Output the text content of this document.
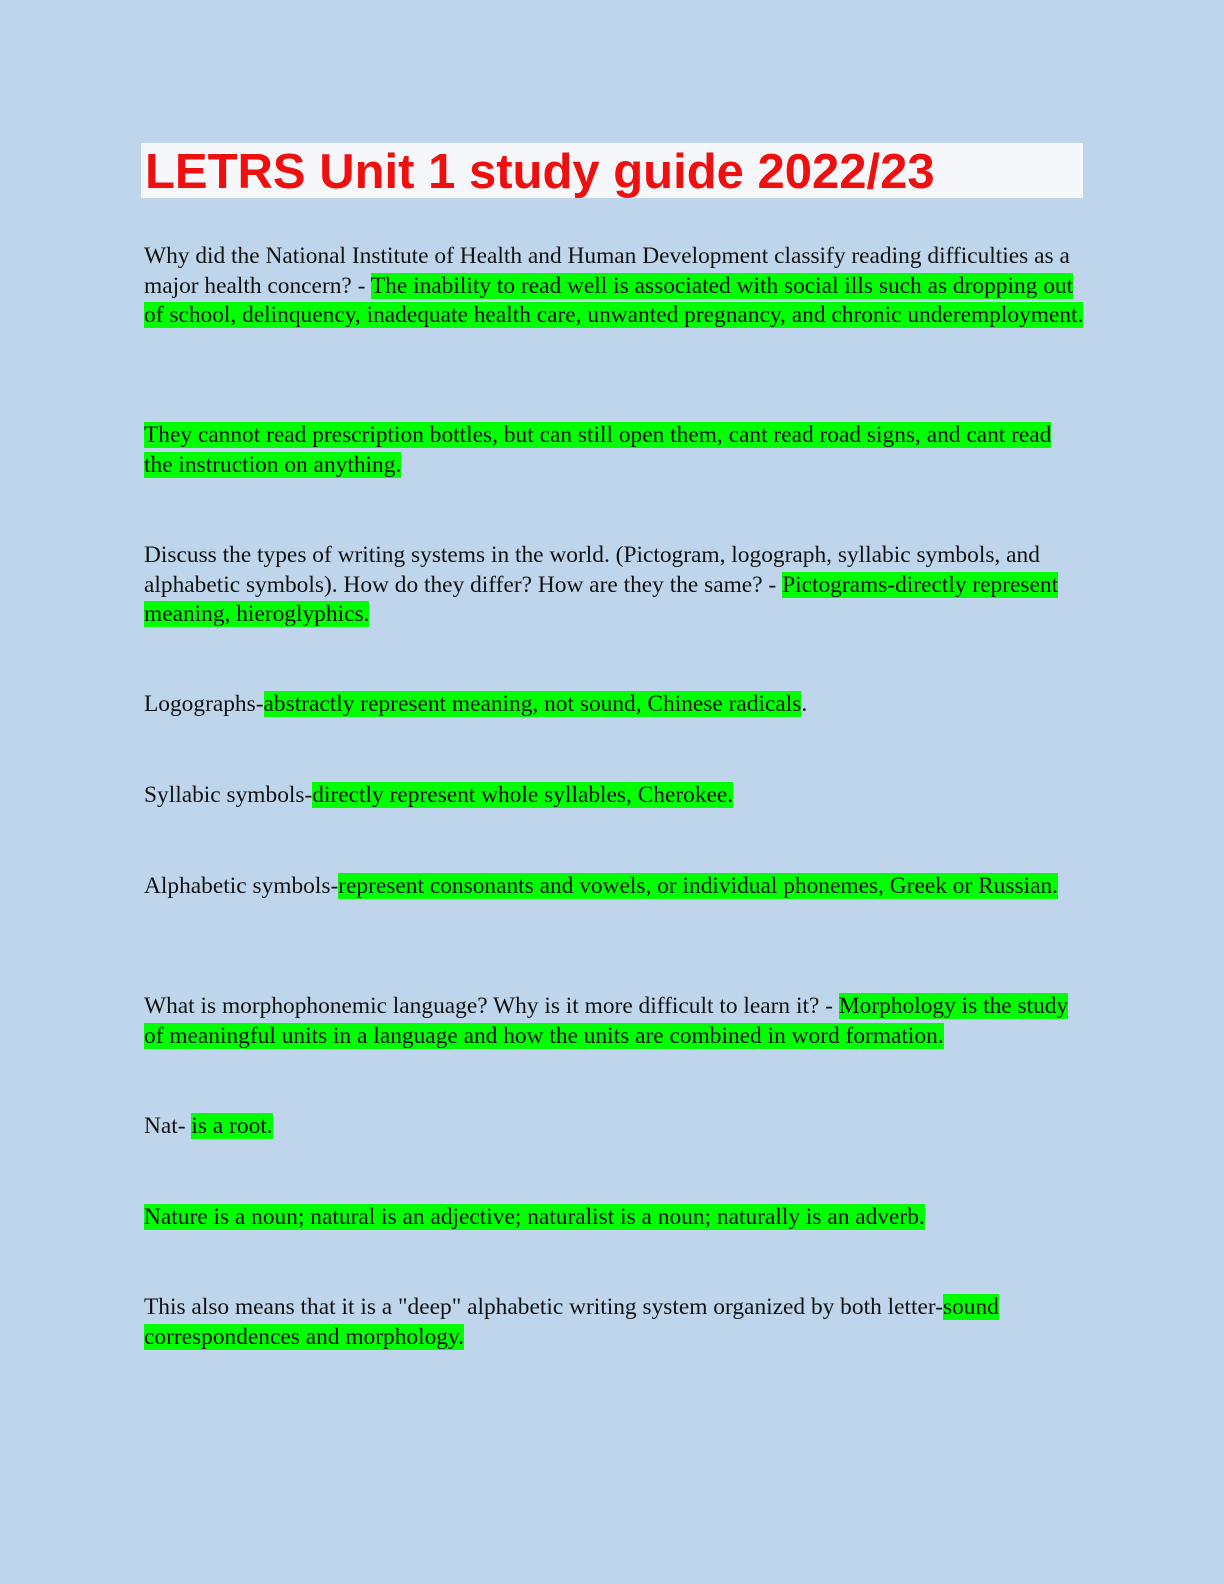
LETRS Unit 1 study guide 2022/23

Why did the National Institute of Health and Human Development classify reading difficulties as a major health concern? - The inability to read well is associated with social ills such as dropping out of school, delinquency, inadequate health care, unwanted pregnancy, and chronic underemployment.

They cannot read prescription bottles, but can still open them, cant read road signs, and cant read the instruction on anything.

Discuss the types of writing systems in the world. (Pictogram, logograph, syllabic symbols, and alphabetic symbols). How do they differ? How are they the same? - Pictograms-directly represent meaning, hieroglyphics.

Logographs-abstractly represent meaning, not sound, Chinese radicals.

Syllabic symbols-directly represent whole syllables, Cherokee.

Alphabetic symbols-represent consonants and vowels, or individual phonemes, Greek or Russian.

What is morphophonemic language? Why is it more difficult to learn it? - Morphology is the study of meaningful units in a language and how the units are combined in word formation.

Nat- is a root.

Nature is a noun; natural is an adjective; naturalist is a noun; naturally is an adverb.

This also means that it is a "deep" alphabetic writing system organized by both letter-sound correspondences and morphology.
